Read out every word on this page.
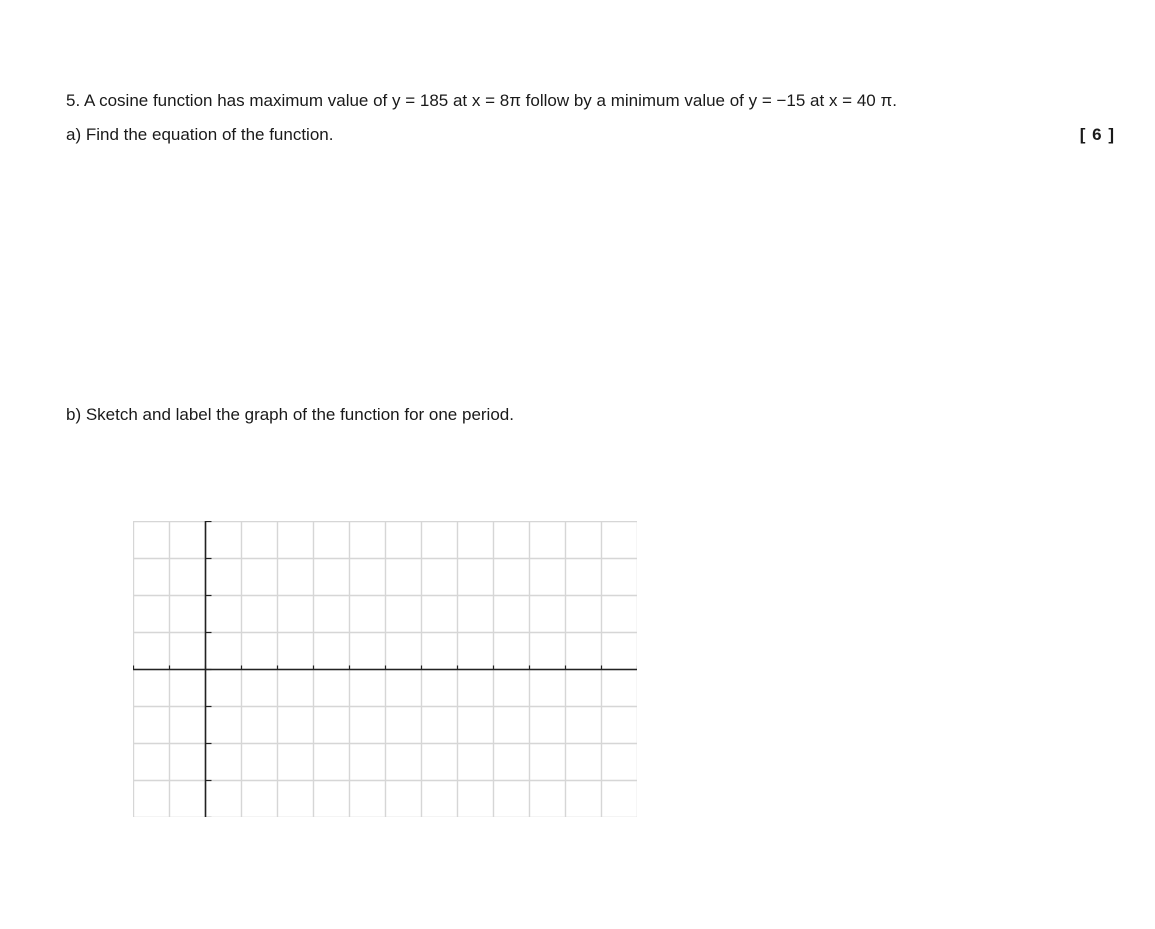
5. A cosine function has maximum value of y = 185 at x = 8π follow by a minimum value of y = −15 at x = 40 π.
a) Find the equation of the function.	[ 6 ]
b) Sketch and label the graph of the function for one period.
